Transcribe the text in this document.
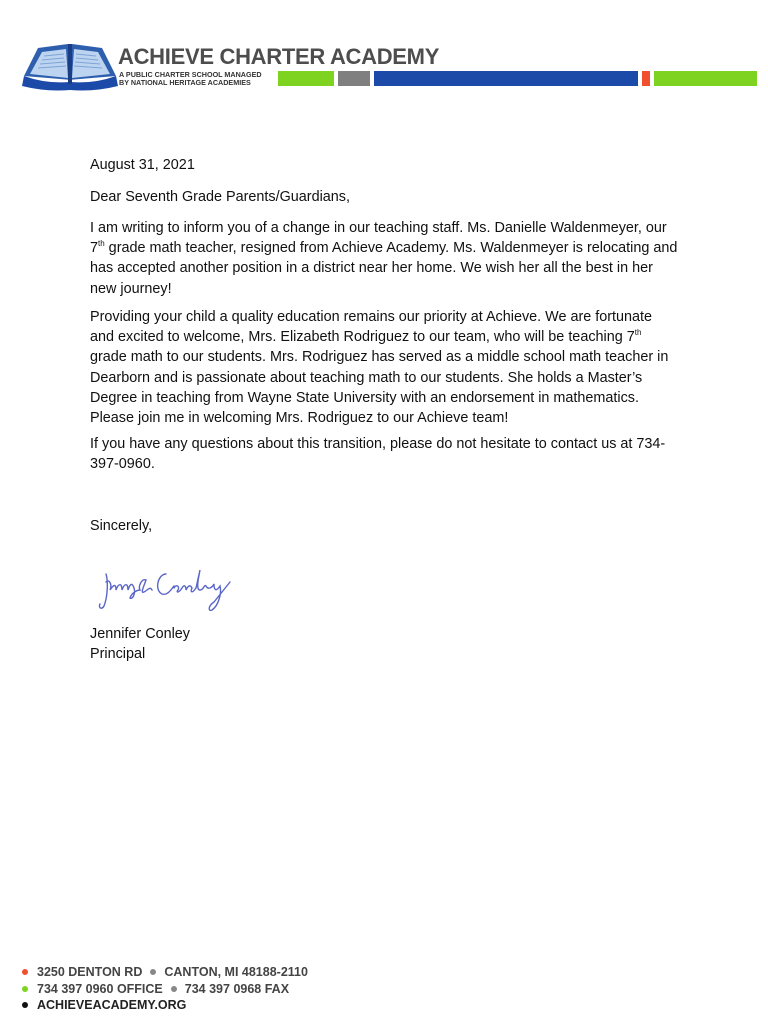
ACHIEVE CHARTER ACADEMY
A PUBLIC CHARTER SCHOOL MANAGED
BY NATIONAL HERITAGE ACADEMIES

August 31, 2021

Dear Seventh Grade Parents/Guardians,

I am writing to inform you of a change in our teaching staff. Ms. Danielle Waldenmeyer, our 7th grade math teacher, resigned from Achieve Academy. Ms. Waldenmeyer is relocating and has accepted another position in a district near her home. We wish her all the best in her new journey!

Providing your child a quality education remains our priority at Achieve. We are fortunate and excited to welcome, Mrs. Elizabeth Rodriguez to our team, who will be teaching 7th grade math to our students. Mrs. Rodriguez has served as a middle school math teacher in Dearborn and is passionate about teaching math to our students. She holds a Master’s Degree in teaching from Wayne State University with an endorsement in mathematics. Please join me in welcoming Mrs. Rodriguez to our Achieve team!

If you have any questions about this transition, please do not hesitate to contact us at 734-397-0960.

Sincerely,

Jennifer Conley
Principal
3250 DENTON RD CANTON, MI 48188-2110
734 397 0960 OFFICE 734 397 0968 FAX
ACHIEVEACADEMY.ORG
